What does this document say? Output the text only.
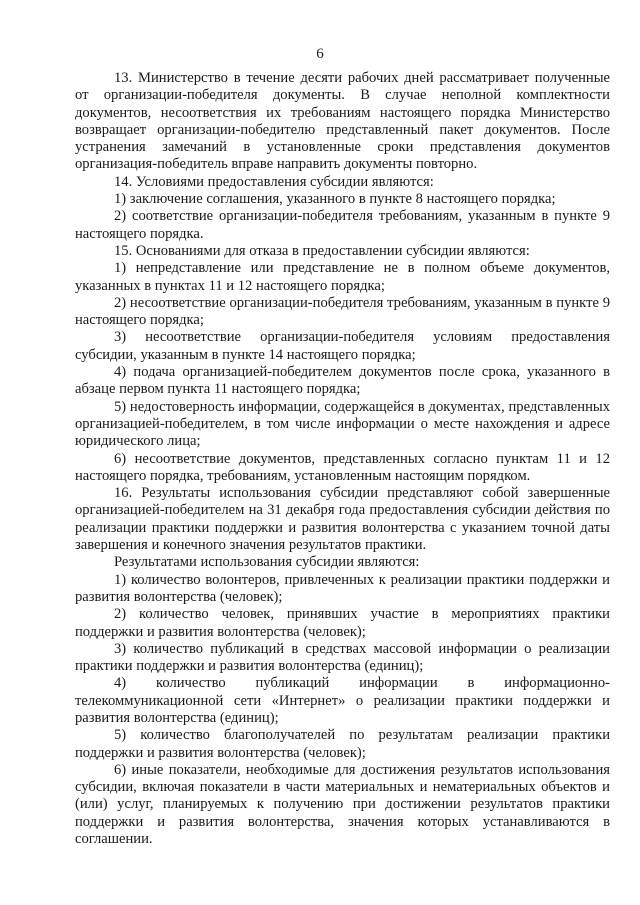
6

13. Министерство в течение десяти рабочих дней рассматривает полученные от организации-победителя документы. В случае неполной комплектности документов, несоответствия их требованиям настоящего порядка Министерство возвращает организации-победителю представленный пакет документов. После устранения замечаний в установленные сроки представления документов организация-победитель вправе направить документы повторно.

14. Условиями предоставления субсидии являются:

1) заключение соглашения, указанного в пункте 8 настоящего порядка;

2) соответствие организации-победителя требованиям, указанным в пункте 9 настоящего порядка.

15. Основаниями для отказа в предоставлении субсидии являются:

1) непредставление или представление не в полном объеме документов, указанных в пунктах 11 и 12 настоящего порядка;

2) несоответствие организации-победителя требованиям, указанным в пункте 9 настоящего порядка;

3) несоответствие организации-победителя условиям предоставления субсидии, указанным в пункте 14 настоящего порядка;

4) подача организацией-победителем документов после срока, указанного в абзаце первом пункта 11 настоящего порядка;

5) недостоверность информации, содержащейся в документах, представленных организацией-победителем, в том числе информации о месте нахождения и адресе юридического лица;

6) несоответствие документов, представленных согласно пунктам 11 и 12 настоящего порядка, требованиям, установленным настоящим порядком.

16. Результаты использования субсидии представляют собой завершенные организацией-победителем на 31 декабря года предоставления субсидии действия по реализации практики поддержки и развития волонтерства с указанием точной даты завершения и конечного значения результатов практики.

Результатами использования субсидии являются:

1) количество волонтеров, привлеченных к реализации практики поддержки и развития волонтерства (человек);

2) количество человек, принявших участие в мероприятиях практики поддержки и развития волонтерства (человек);

3) количество публикаций в средствах массовой информации о реализации практики поддержки и развития волонтерства (единиц);

4) количество публикаций информации в информационно-телекоммуникационной сети «Интернет» о реализации практики поддержки и развития волонтерства (единиц);

5) количество благополучателей по результатам реализации практики поддержки и развития волонтерства (человек);

6) иные показатели, необходимые для достижения результатов использования субсидии, включая показатели в части материальных и нематериальных объектов и (или) услуг, планируемых к получению при достижении результатов практики поддержки и развития волонтерства, значения которых устанавливаются в соглашении.
